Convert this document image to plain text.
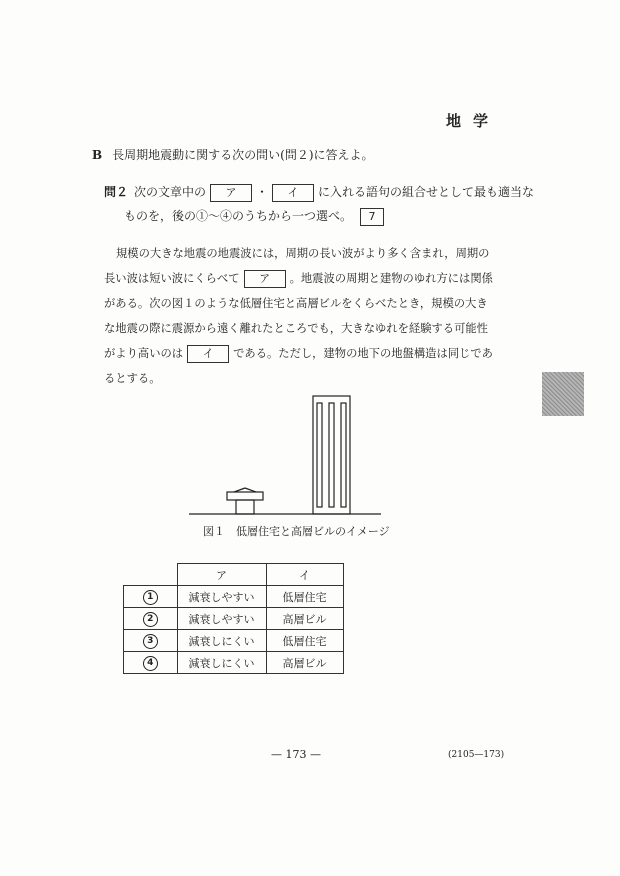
地学
B 長周期地震動に関する次の問い(問２)に答えよ。
問２ 次の文章中の ア ・ イ に入れる語句の組合せとして最も適当な
ものを，後の①〜④のうちから一つ選べ。 7
規模の大きな地震の地震波には，周期の長い波がより多く含まれ，周期の
長い波は短い波にくらべて ア 。地震波の周期と建物のゆれ方には関係
がある。次の図１のような低層住宅と高層ビルをくらべたとき，規模の大き
な地震の際に震源から遠く離れたところでも，大きなゆれを経験する可能性
がより高いのは イ である。ただし，建物の地下の地盤構造は同じであ
るとする。
図１　低層住宅と高層ビルのイメージ
	ア	イ
1	減衰しやすい	低層住宅
2	減衰しやすい	高層ビル
3	減衰しにくい	低層住宅
4	減衰しにくい	高層ビル
— 173 —	(2105—173)
